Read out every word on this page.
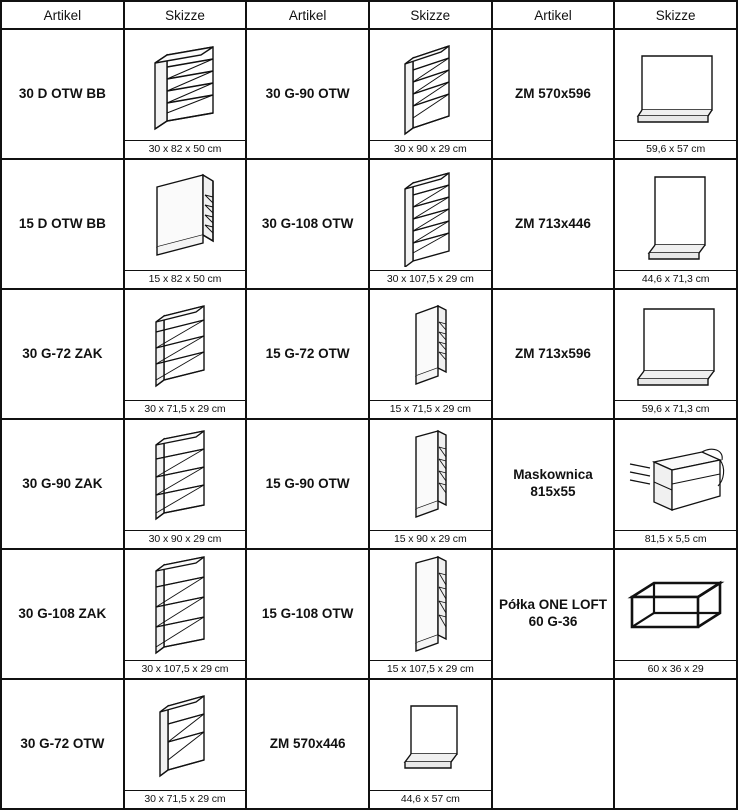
Artikel	Skizze	Artikel	Skizze	Artikel	Skizze
30 D OTW BB	30 x 82 x 50 cm	30 G-90 OTW	30 x 90 x 29 cm	ZM 570x596	59,6 x 57 cm

15 D OTW BB	15 x 82 x 50 cm	30 G-108 OTW	30 x 107,5 x 29 cm	ZM 713x446	44,6 x 71,3 cm

30 G-72 ZAK	30 x 71,5 x 29 cm	15 G-72 OTW	15 x 71,5 x 29 cm	ZM 713x596	59,6 x 71,3 cm

30 G-90 ZAK	30 x 90 x 29 cm	15 G-90 OTW	15 x 90 x 29 cm	Maskownica 815x55	81,5 x 5,5 cm

30 G-108 ZAK	30 x 107,5 x 29 cm	15 G-108 OTW	15 x 107,5 x 29 cm	Półka ONE LOFT 60 G-36	60 x 36 x 29

30 G-72 OTW	30 x 71,5 x 29 cm	ZM 570x446	44,6 x 57 cm		
